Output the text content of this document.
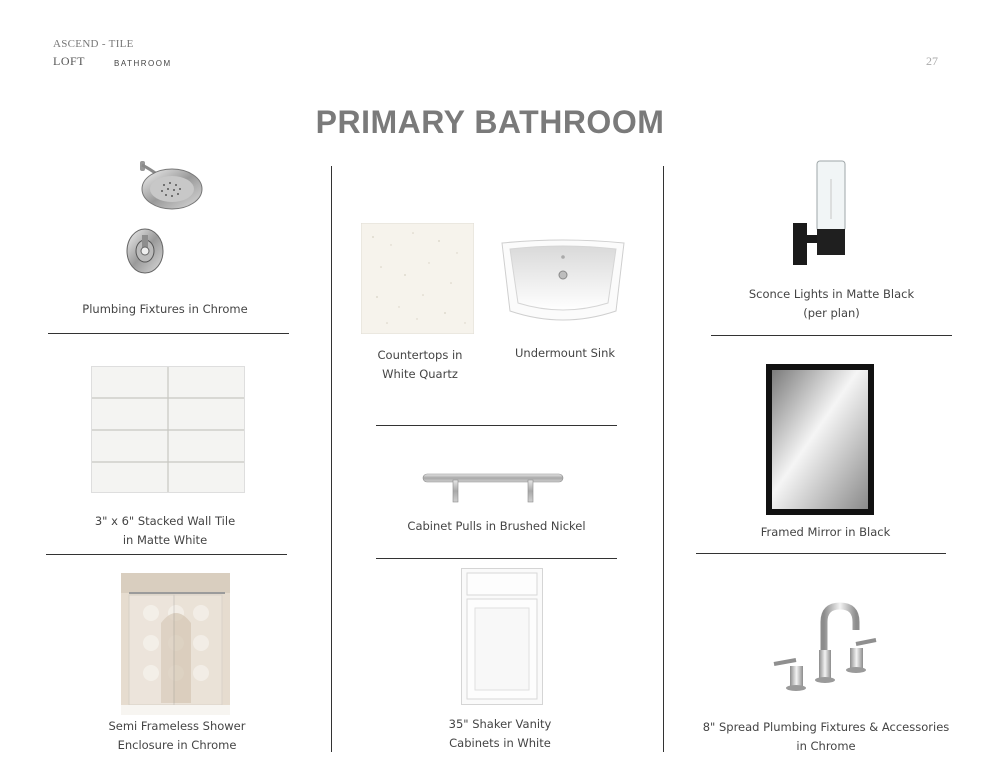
ASCEND - TILE
LOFT	BATHROOM	27
PRIMARY BATHROOM
Plumbing Fixtures in Chrome
3" x 6" Stacked Wall Tile
in Matte White
Semi Frameless Shower
Enclosure in Chrome
Countertops in
White Quartz
Undermount Sink
Cabinet Pulls in Brushed Nickel
35" Shaker Vanity
Cabinets in White
Sconce Lights in Matte Black
(per plan)
Framed Mirror in Black
8" Spread Plumbing Fixtures & Accessories
in Chrome
